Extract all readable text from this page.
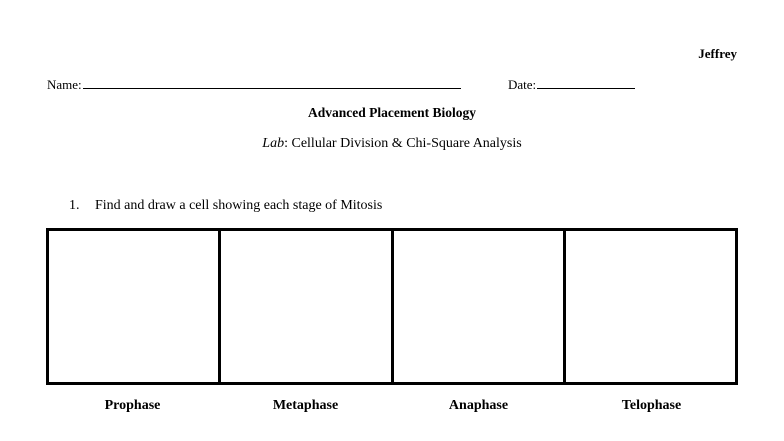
Jeffrey
Name:	Date:
Advanced Placement Biology
Lab: Cellular Division & Chi-Square Analysis
1.	Find and draw a cell showing each stage of Mitosis
Prophase	Metaphase	Anaphase	Telophase
